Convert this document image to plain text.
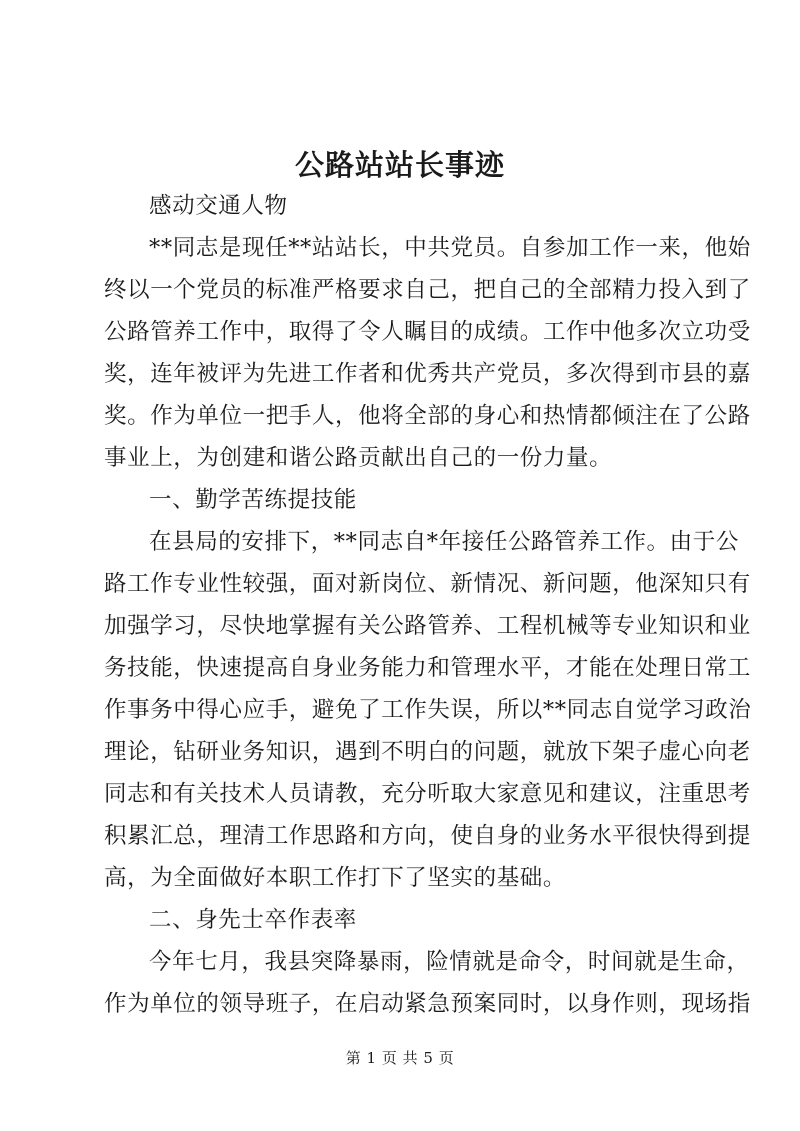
公路站站长事迹
感动交通人物
**同志是现任**站站长，中共党员。自参加工作一来，他始
终以一个党员的标准严格要求自己，把自己的全部精力投入到了
公路管养工作中，取得了令人瞩目的成绩。工作中他多次立功受
奖，连年被评为先进工作者和优秀共产党员，多次得到市县的嘉
奖。作为单位一把手人，他将全部的身心和热情都倾注在了公路
事业上，为创建和谐公路贡献出自己的一份力量。
一、勤学苦练提技能
在县局的安排下，**同志自*年接任公路管养工作。由于公
路工作专业性较强，面对新岗位、新情况、新问题，他深知只有
加强学习，尽快地掌握有关公路管养、工程机械等专业知识和业
务技能，快速提高自身业务能力和管理水平，才能在处理日常工
作事务中得心应手，避免了工作失误，所以**同志自觉学习政治
理论，钻研业务知识，遇到不明白的问题，就放下架子虚心向老
同志和有关技术人员请教，充分听取大家意见和建议，注重思考
积累汇总，理清工作思路和方向，使自身的业务水平很快得到提
高，为全面做好本职工作打下了坚实的基础。
二、身先士卒作表率
今年七月，我县突降暴雨，险情就是命令，时间就是生命，
作为单位的领导班子，在启动紧急预案同时，以身作则，现场指
第 1 页 共 5 页
